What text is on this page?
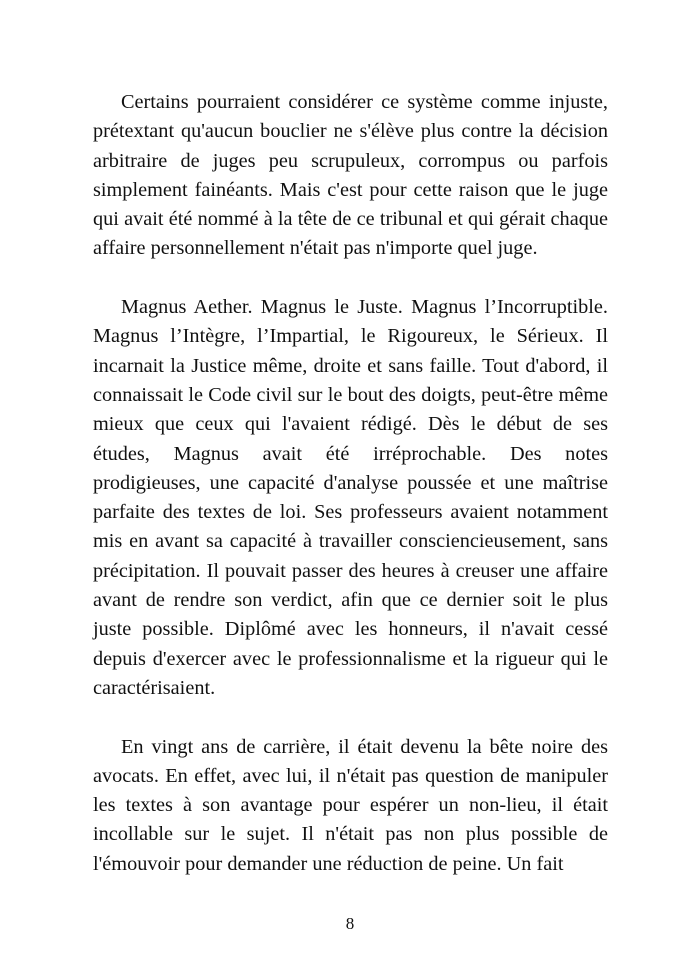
Certains pourraient considérer ce système comme injuste, prétextant qu'aucun bouclier ne s'élève plus contre la décision arbitraire de juges peu scrupuleux, corrompus ou parfois simplement fainéants. Mais c'est pour cette raison que le juge qui avait été nommé à la tête de ce tribunal et qui gérait chaque affaire personnellement n'était pas n'importe quel juge.

Magnus Aether. Magnus le Juste. Magnus l’Incorruptible. Magnus l’Intègre, l’Impartial, le Rigoureux, le Sérieux. Il incarnait la Justice même, droite et sans faille. Tout d'abord, il connaissait le Code civil sur le bout des doigts, peut-être même mieux que ceux qui l'avaient rédigé. Dès le début de ses études, Magnus avait été irréprochable. Des notes prodigieuses, une capacité d'analyse poussée et une maîtrise parfaite des textes de loi. Ses professeurs avaient notamment mis en avant sa capacité à travailler consciencieusement, sans précipitation. Il pouvait passer des heures à creuser une affaire avant de rendre son verdict, afin que ce dernier soit le plus juste possible. Diplômé avec les honneurs, il n'avait cessé depuis d'exercer avec le professionnalisme et la rigueur qui le caractérisaient.

En vingt ans de carrière, il était devenu la bête noire des avocats. En effet, avec lui, il n'était pas question de manipuler les textes à son avantage pour espérer un non-lieu, il était incollable sur le sujet. Il n'était pas non plus possible de l'émouvoir pour demander une réduction de peine. Un fait

8
